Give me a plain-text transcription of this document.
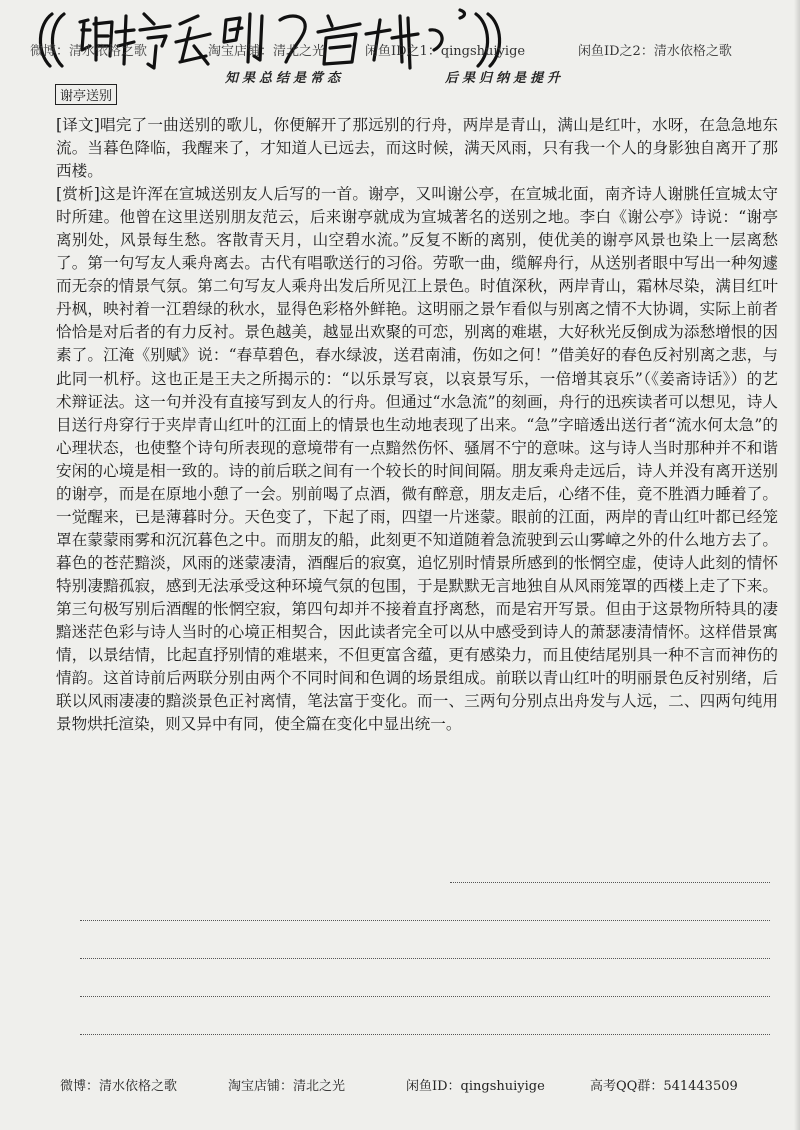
微博：清水依格之歌	淘宝店铺：清北之光	闲鱼ID之1：qingshuiyige	闲鱼ID之2：清水依格之歌
知果总结是常态	后果归纳是提升
谢亭送别

[译文]唱完了一曲送别的歌儿，你便解开了那远别的行舟，两岸是青山，满山是红叶，水呀，在急急地东流。当暮色降临，我醒来了，才知道人已远去，而这时候，满天风雨，只有我一个人的身影独自离开了那西楼。

[赏析]这是许浑在宣城送别友人后写的一首。谢亭，又叫谢公亭，在宣城北面，南齐诗人谢朓任宣城太守时所建。他曾在这里送别朋友范云，后来谢亭就成为宣城著名的送别之地。李白《谢公亭》诗说：“谢亭离别处，风景每生愁。客散青天月，山空碧水流。”反复不断的离别，使优美的谢亭风景也染上一层离愁了。第一句写友人乘舟离去。古代有唱歌送行的习俗。劳歌一曲，缆解舟行，从送别者眼中写出一种匆遽而无奈的情景气氛。第二句写友人乘舟出发后所见江上景色。时值深秋，两岸青山，霜林尽染，满目红叶丹枫，映衬着一江碧绿的秋水，显得色彩格外鲜艳。这明丽之景乍看似与别离之情不大协调，实际上前者恰恰是对后者的有力反衬。景色越美，越显出欢聚的可恋，别离的难堪，大好秋光反倒成为添愁增恨的因素了。江淹《别赋》说：“春草碧色，春水绿波，送君南浦，伤如之何！”借美好的春色反衬别离之悲，与此同一机杼。这也正是王夫之所揭示的：“以乐景写哀，以哀景写乐，一倍增其哀乐”（《姜斋诗话》）的艺术辩证法。这一句并没有直接写到友人的行舟。但通过“水急流”的刻画，舟行的迅疾读者可以想见，诗人目送行舟穿行于夹岸青山红叶的江面上的情景也生动地表现了出来。“急”字暗透出送行者“流水何太急”的心理状态，也使整个诗句所表现的意境带有一点黯然伤怀、骚屑不宁的意味。这与诗人当时那种并不和谐安闲的心境是相一致的。诗的前后联之间有一个较长的时间间隔。朋友乘舟走远后，诗人并没有离开送别的谢亭，而是在原地小憩了一会。别前喝了点酒，微有醉意，朋友走后，心绪不佳，竟不胜酒力睡着了。一觉醒来，已是薄暮时分。天色变了，下起了雨，四望一片迷蒙。眼前的江面，两岸的青山红叶都已经笼罩在蒙蒙雨雾和沉沉暮色之中。而朋友的船，此刻更不知道随着急流驶到云山雾嶂之外的什么地方去了。暮色的苍茫黯淡，风雨的迷蒙凄清，酒醒后的寂寞，追忆别时情景所感到的怅惘空虚，使诗人此刻的情怀特别凄黯孤寂，感到无法承受这种环境气氛的包围，于是默默无言地独自从风雨笼罩的西楼上走了下来。第三句极写别后酒醒的怅惘空寂，第四句却并不接着直抒离愁，而是宕开写景。但由于这景物所特具的凄黯迷茫色彩与诗人当时的心境正相契合，因此读者完全可以从中感受到诗人的萧瑟凄清情怀。这样借景寓情，以景结情，比起直抒别情的难堪来，不但更富含蕴，更有感染力，而且使结尾别具一种不言而神伤的情韵。这首诗前后两联分别由两个不同时间和色调的场景组成。前联以青山红叶的明丽景色反衬别绪，后联以风雨凄凄的黯淡景色正衬离情，笔法富于变化。而一、三两句分别点出舟发与人远，二、四两句纯用景物烘托渲染，则又异中有同，使全篇在变化中显出统一。

微博：清水依格之歌	淘宝店铺：清北之光	闲鱼ID：qingshuiyige	高考QQ群：541443509
